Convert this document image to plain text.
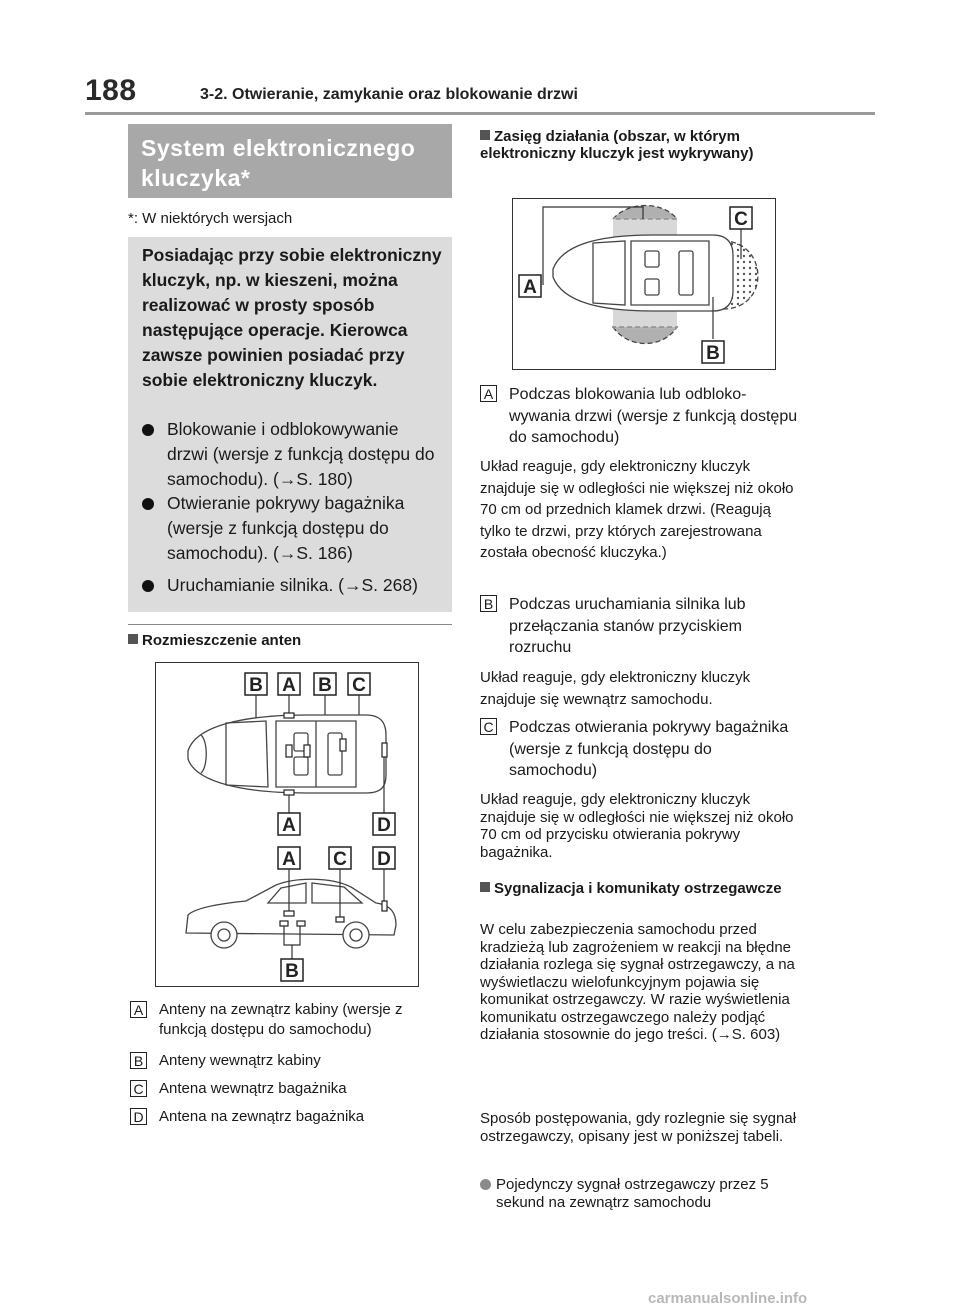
188	3-2. Otwieranie, zamykanie oraz blokowanie drzwi
System elektronicznego kluczyka*
*: W niektórych wersjach
Posiadając przy sobie elektroniczny kluczyk, np. w kieszeni, można realizować w prosty sposób następujące operacje. Kierowca zawsze powinien posiadać przy sobie elektroniczny kluczyk.
Blokowanie i odblokowywanie drzwi (wersje z funkcją dostępu do samochodu). (→S. 180)
Otwieranie pokrywy bagażnika (wersje z funkcją dostępu do samochodu). (→S. 186)
Uruchamianie silnika. (→S. 268)
Rozmieszczenie anten
B A B C
A	D
A C D
B
A	Anteny na zewnątrz kabiny (wersje z funkcją dostępu do samochodu)
B	Anteny wewnątrz kabiny
C	Antena wewnątrz bagażnika
D	Antena na zewnątrz bagażnika
Zasięg działania (obszar, w którym elektroniczny kluczyk jest wykrywany)
A
C
B
A Podczas blokowania lub odblokowywania drzwi (wersje z funkcją dostępu do samochodu)
Układ reaguje, gdy elektroniczny kluczyk znajduje się w odległości nie większej niż około 70 cm od przednich klamek drzwi. (Reagują tylko te drzwi, przy których zarejestrowana została obecność kluczyka.)
B Podczas uruchamiania silnika lub przełączania stanów przyciskiem rozruchu
Układ reaguje, gdy elektroniczny kluczyk znajduje się wewnątrz samochodu.
C Podczas otwierania pokrywy bagażnika (wersje z funkcją dostępu do samochodu)
Układ reaguje, gdy elektroniczny kluczyk znajduje się w odległości nie większej niż około 70 cm od przycisku otwierania pokrywy bagażnika.
Sygnalizacja i komunikaty ostrzegawcze
W celu zabezpieczenia samochodu przed kradzieżą lub zagrożeniem w reakcji na błędne działania rozlega się sygnał ostrzegawczy, a na wyświetlaczu wielofunkcyjnym pojawia się komunikat ostrzegawczy. W razie wyświetlenia komunikatu ostrzegawczego należy podjąć działania stosownie do jego treści. (→S. 603)
Sposób postępowania, gdy rozlegnie się sygnał ostrzegawczy, opisany jest w poniższej tabeli.
Pojedynczy sygnał ostrzegawczy przez 5 sekund na zewnątrz samochodu
carmanualsonline.info
